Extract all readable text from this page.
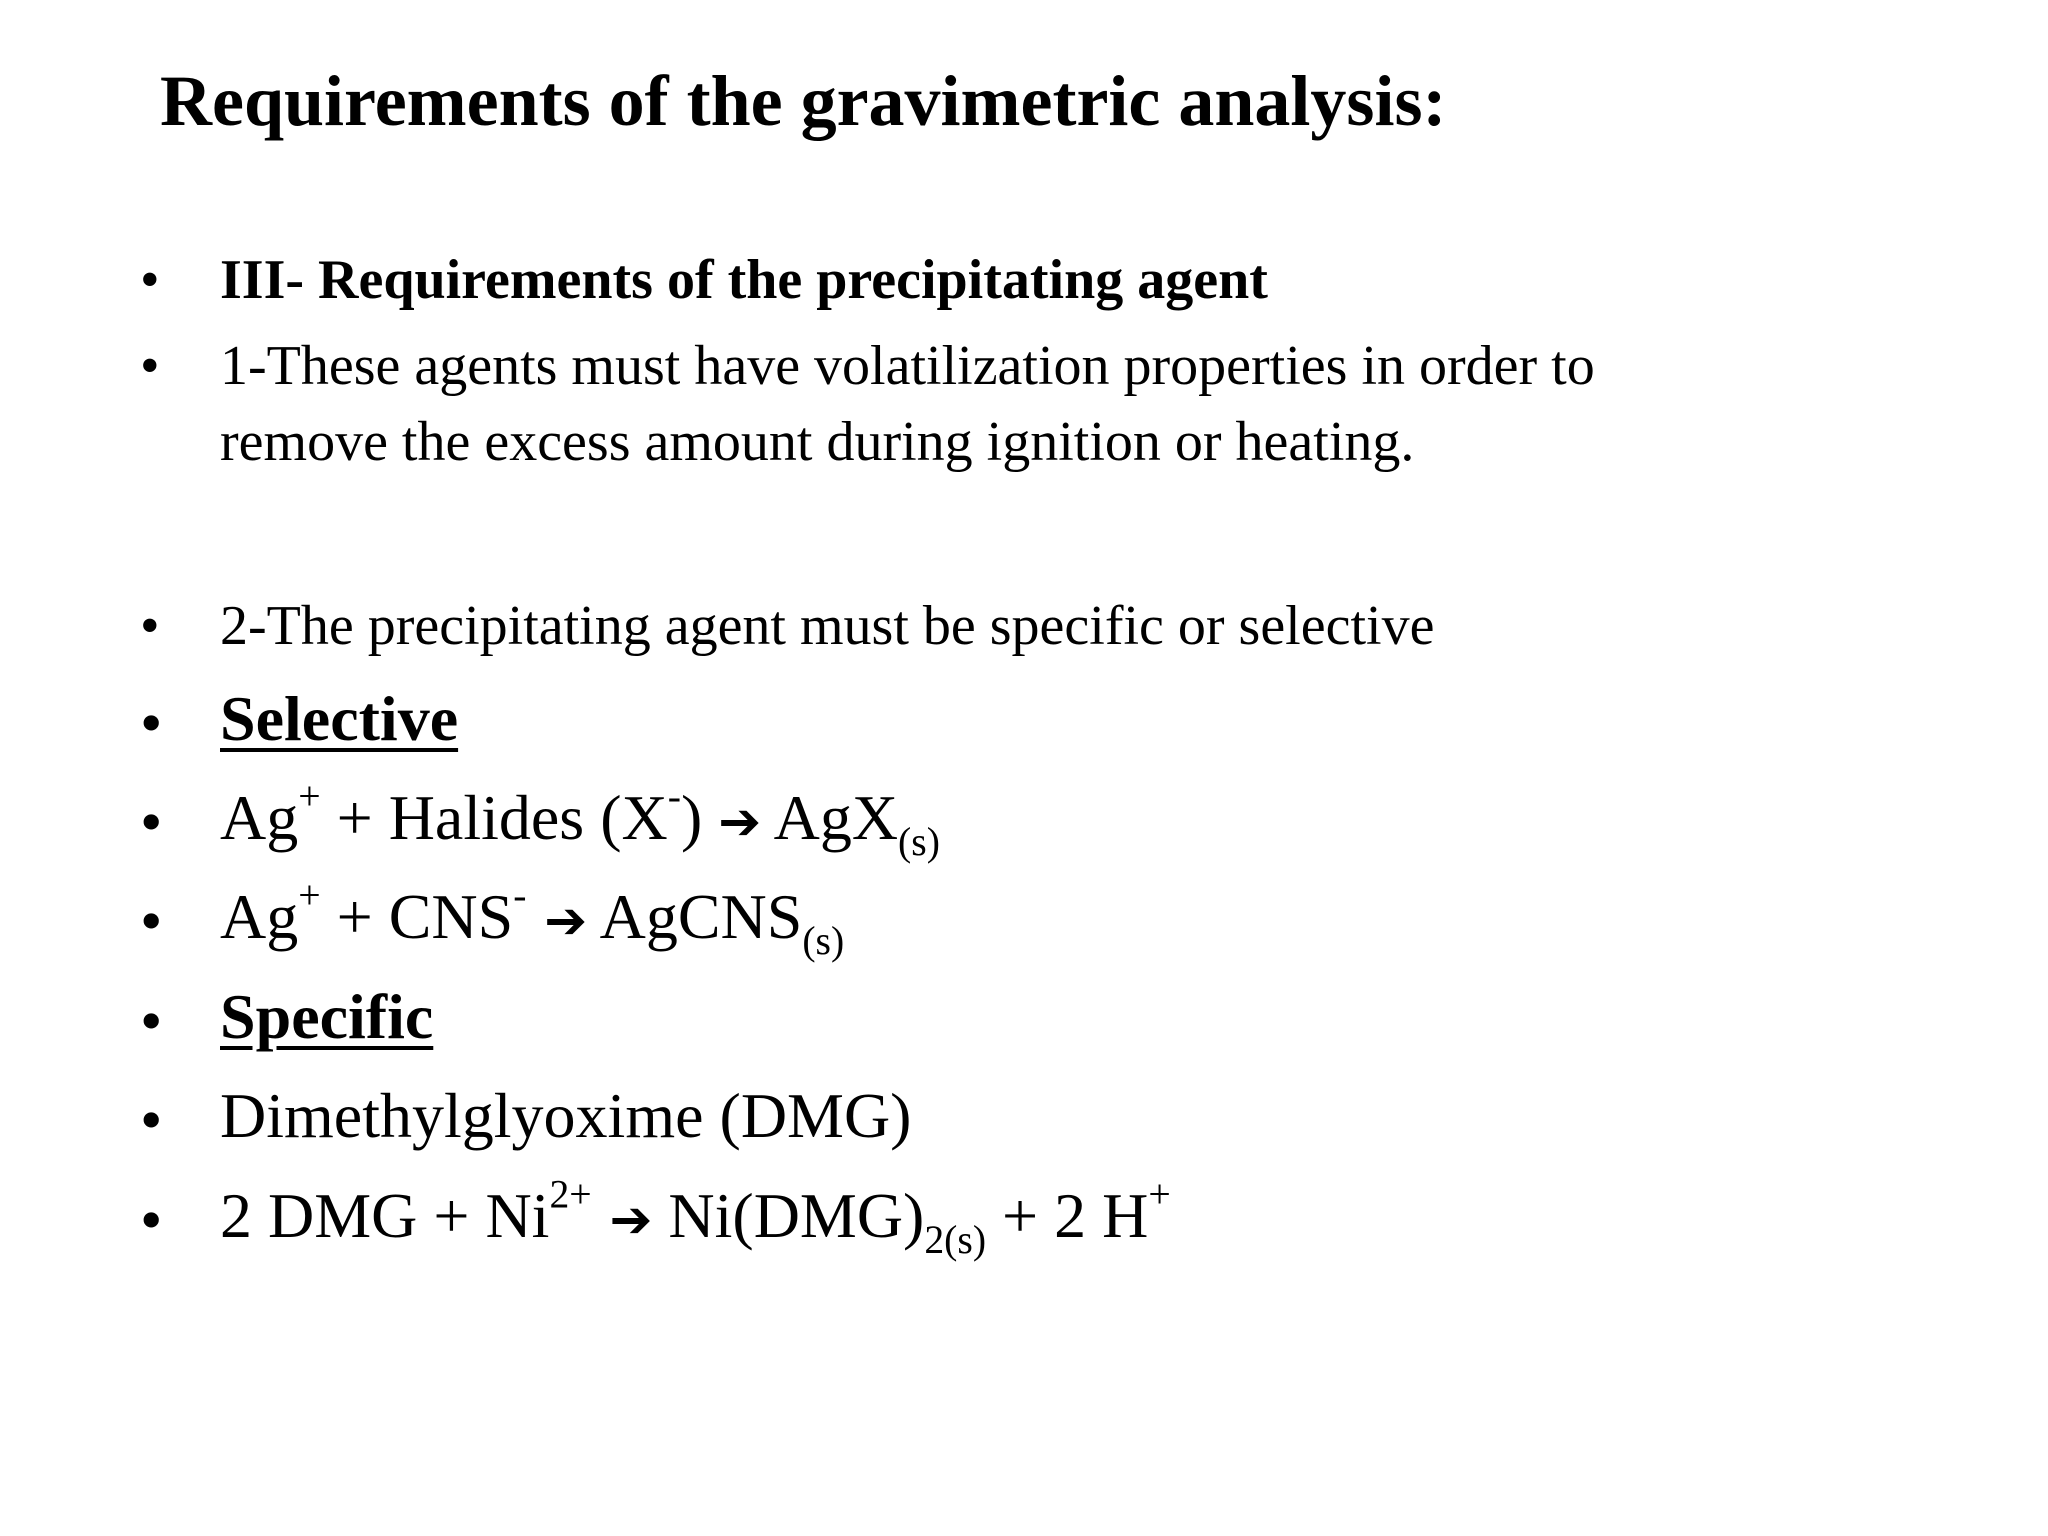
Requirements of the gravimetric analysis:
• III- Requirements of the precipitating agent
• 1-These agents must have volatilization properties in order to
remove the excess amount during ignition or heating.
• 2-The precipitating agent must be specific or selective
• Selective
• Ag+ + Halides (X-) ➔ AgX$_{(s)}$
• Ag+ + CNS- ➔ AgCNS$_{(s)}$
• Specific
• Dimethylglyoxime (DMG)
• 2 DMG + $Ni^{2+}$ ➔ $Ni(DMG)_{2(s)} + 2$ H+
